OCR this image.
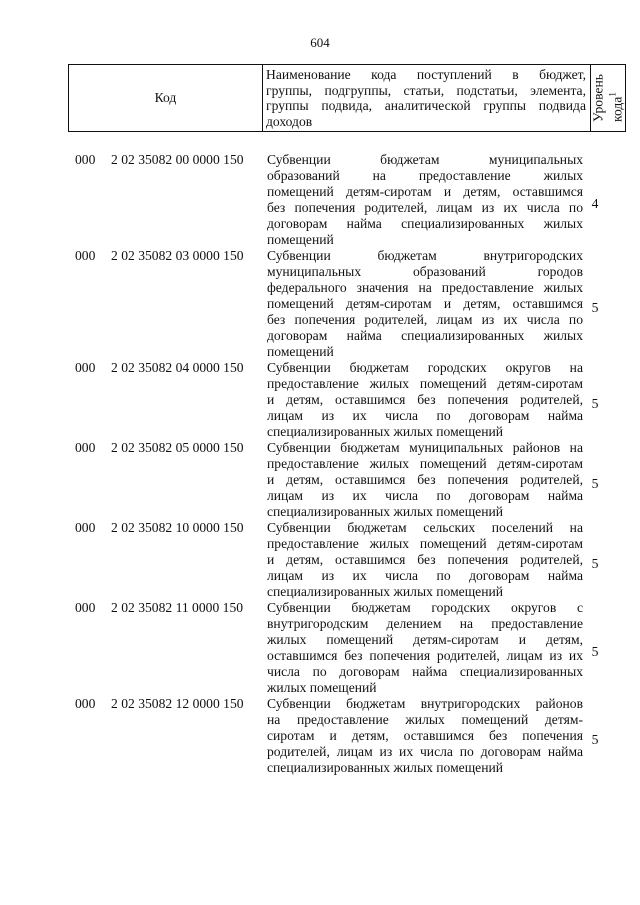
604
Код	
Наименование кода поступлений в бюджет,
группы, подгруппы, статьи, подстатьи, элемента,
группы подвида, аналитической группы подвида
доходов	Уровень кода$^1$
000	2 02 35082 00 0000 150	Субвенции бюджетам муниципальных
образований на предоставление жилых
помещений детям-сиротам и детям, оставшимся
без попечения родителей, лицам из их числа по
договорам найма специализированных жилых
помещений
4
000	2 02 35082 03 0000 150	Субвенции бюджетам внутригородских
муниципальных образований городов
федерального значения на предоставление жилых
помещений детям-сиротам и детям, оставшимся
без попечения родителей, лицам из их числа по
договорам найма специализированных жилых
помещений
5
000	2 02 35082 04 0000 150	Субвенции бюджетам городских округов на
предоставление жилых помещений детям-сиротам
и детям, оставшимся без попечения родителей,
лицам из их числа по договорам найма
специализированных жилых помещений
5
000	2 02 35082 05 0000 150	Субвенции бюджетам муниципальных районов на
предоставление жилых помещений детям-сиротам
и детям, оставшимся без попечения родителей,
лицам из их числа по договорам найма
специализированных жилых помещений
5
000	2 02 35082 10 0000 150	Субвенции бюджетам сельских поселений на
предоставление жилых помещений детям-сиротам
и детям, оставшимся без попечения родителей,
лицам из их числа по договорам найма
специализированных жилых помещений
5
000	2 02 35082 11 0000 150	Субвенции бюджетам городских округов с
внутригородским делением на предоставление
жилых помещений детям-сиротам и детям,
оставшимся без попечения родителей, лицам из их
числа по договорам найма специализированных
жилых помещений
5
000	2 02 35082 12 0000 150	Субвенции бюджетам внутригородских районов
на предоставление жилых помещений детям-
сиротам и детям, оставшимся без попечения
родителей, лицам из их числа по договорам найма
специализированных жилых помещений
5
